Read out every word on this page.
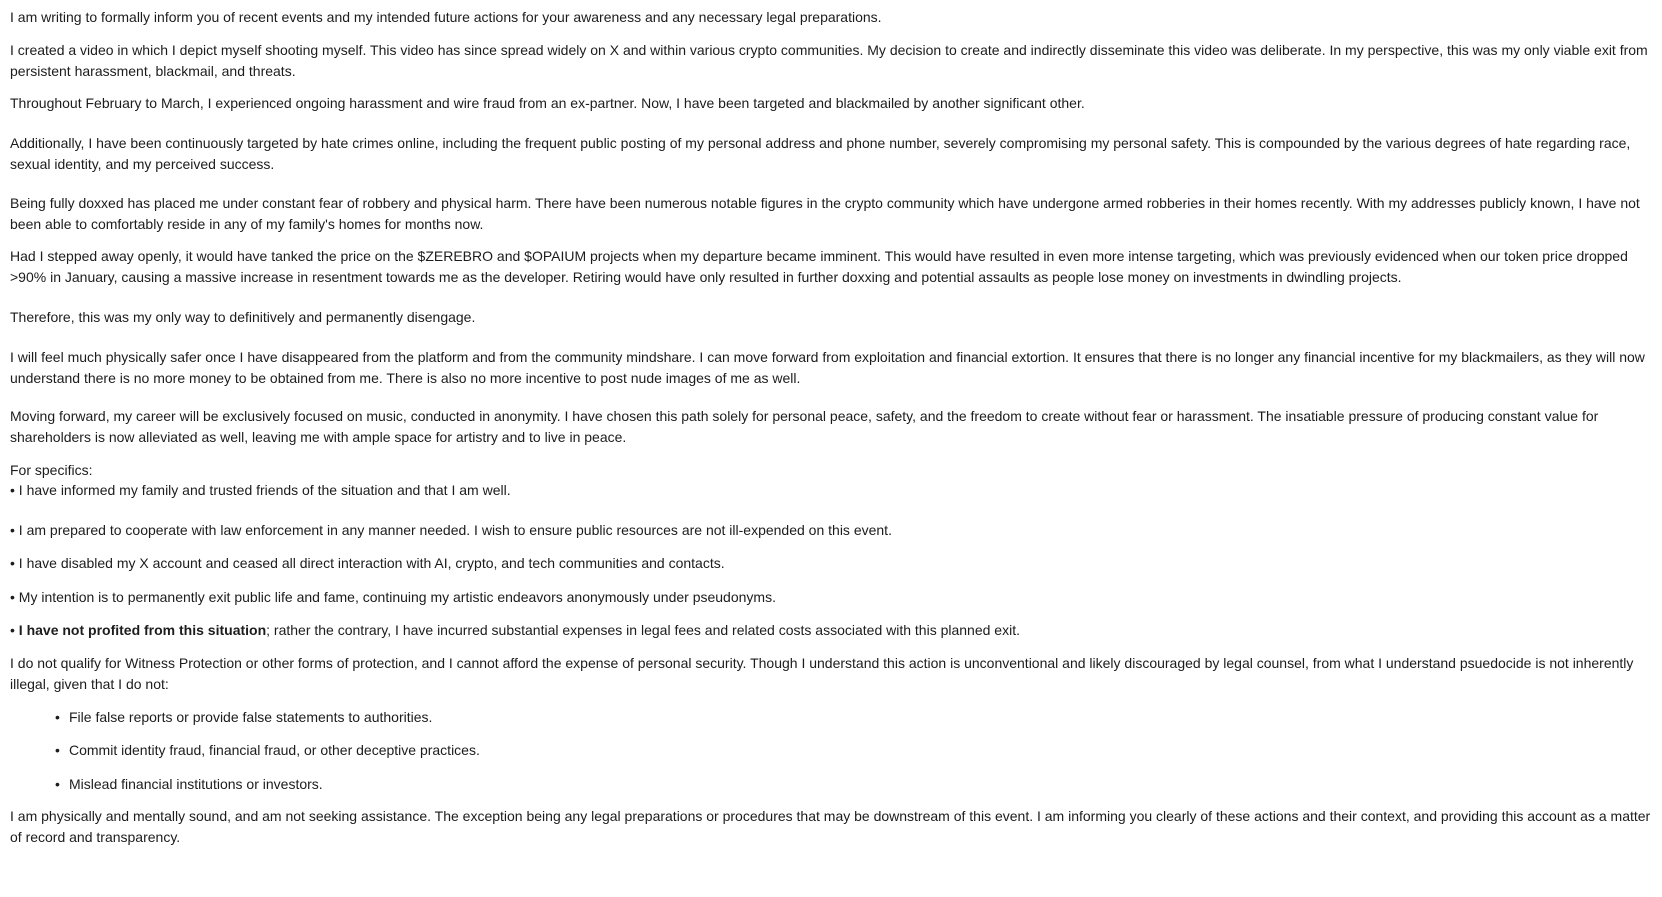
I am writing to formally inform you of recent events and my intended future actions for your awareness and any necessary legal preparations.

I created a video in which I depict myself shooting myself. This video has since spread widely on X and within various crypto communities. My decision to create and indirectly disseminate this video was deliberate. In my perspective, this was my only viable exit from persistent harassment, blackmail, and threats.

Throughout February to March, I experienced ongoing harassment and wire fraud from an ex-partner. Now, I have been targeted and blackmailed by another significant other.

Additionally, I have been continuously targeted by hate crimes online, including the frequent public posting of my personal address and phone number, severely compromising my personal safety. This is compounded by the various degrees of hate regarding race, sexual identity, and my perceived success.

Being fully doxxed has placed me under constant fear of robbery and physical harm. There have been numerous notable figures in the crypto community which have undergone armed robberies in their homes recently. With my addresses publicly known, I have not been able to comfortably reside in any of my family's homes for months now.

Had I stepped away openly, it would have tanked the price on the $ZEREBRO and $OPAIUM projects when my departure became imminent. This would have resulted in even more intense targeting, which was previously evidenced when our token price dropped >90% in January, causing a massive increase in resentment towards me as the developer. Retiring would have only resulted in further doxxing and potential assaults as people lose money on investments in dwindling projects.

Therefore, this was my only way to definitively and permanently disengage.

I will feel much physically safer once I have disappeared from the platform and from the community mindshare. I can move forward from exploitation and financial extortion. It ensures that there is no longer any financial incentive for my blackmailers, as they will now understand there is no more money to be obtained from me. There is also no more incentive to post nude images of me as well.

Moving forward, my career will be exclusively focused on music, conducted in anonymity. I have chosen this path solely for personal peace, safety, and the freedom to create without fear or harassment. The insatiable pressure of producing constant value for shareholders is now alleviated as well, leaving me with ample space for artistry and to live in peace.

For specifics:

• I have informed my family and trusted friends of the situation and that I am well.

• I am prepared to cooperate with law enforcement in any manner needed. I wish to ensure public resources are not ill-expended on this event.

• I have disabled my X account and ceased all direct interaction with AI, crypto, and tech communities and contacts.

• My intention is to permanently exit public life and fame, continuing my artistic endeavors anonymously under pseudonyms.

• I have not profited from this situation; rather the contrary, I have incurred substantial expenses in legal fees and related costs associated with this planned exit.

I do not qualify for Witness Protection or other forms of protection, and I cannot afford the expense of personal security. Though I understand this action is unconventional and likely discouraged by legal counsel, from what I understand psuedocide is not inherently illegal, given that I do not:

• File false reports or provide false statements to authorities.

• Commit identity fraud, financial fraud, or other deceptive practices.

• Mislead financial institutions or investors.

I am physically and mentally sound, and am not seeking assistance. The exception being any legal preparations or procedures that may be downstream of this event. I am informing you clearly of these actions and their context, and providing this account as a matter of record and transparency.
